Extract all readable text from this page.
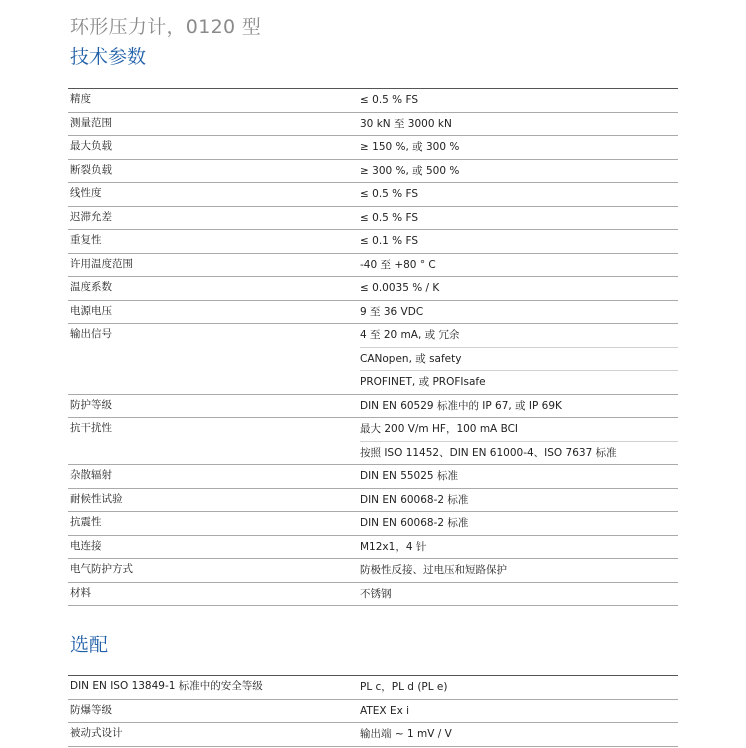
环形压力计，0120 型
技术参数
精度	≤ 0.5 % FS
测量范围	30 kN 至 3000 kN
最大负载	≥ 150 %, 或 300 %
断裂负载	≥ 300 %, 或 500 %
线性度	≤ 0.5 % FS
迟滞允差	≤ 0.5 % FS
重复性	≤ 0.1 % FS
许用温度范围	-40 至 +80 ° C
温度系数	≤ 0.0035 % / K
电源电压	9 至 36 VDC
输出信号	4 至 20 mA, 或 冗余
CANopen, 或 safety
PROFINET, 或 PROFIsafe
防护等级	DIN EN 60529 标准中的 IP 67, 或 IP 69K
抗干扰性	最大 200 V/m HF，100 mA BCI
按照 ISO 11452、DIN EN 61000-4、ISO 7637 标准
杂散辐射	DIN EN 55025 标准
耐候性试验	DIN EN 60068-2 标准
抗震性	DIN EN 60068-2 标准
电连接	M12x1，4 针
电气防护方式	防极性反接、过电压和短路保护
材料	不锈钢
选配
DIN EN ISO 13849-1 标准中的安全等级	PL c，PL d (PL e)
防爆等级	ATEX Ex i
被动式设计	输出端 ~ 1 mV / V
